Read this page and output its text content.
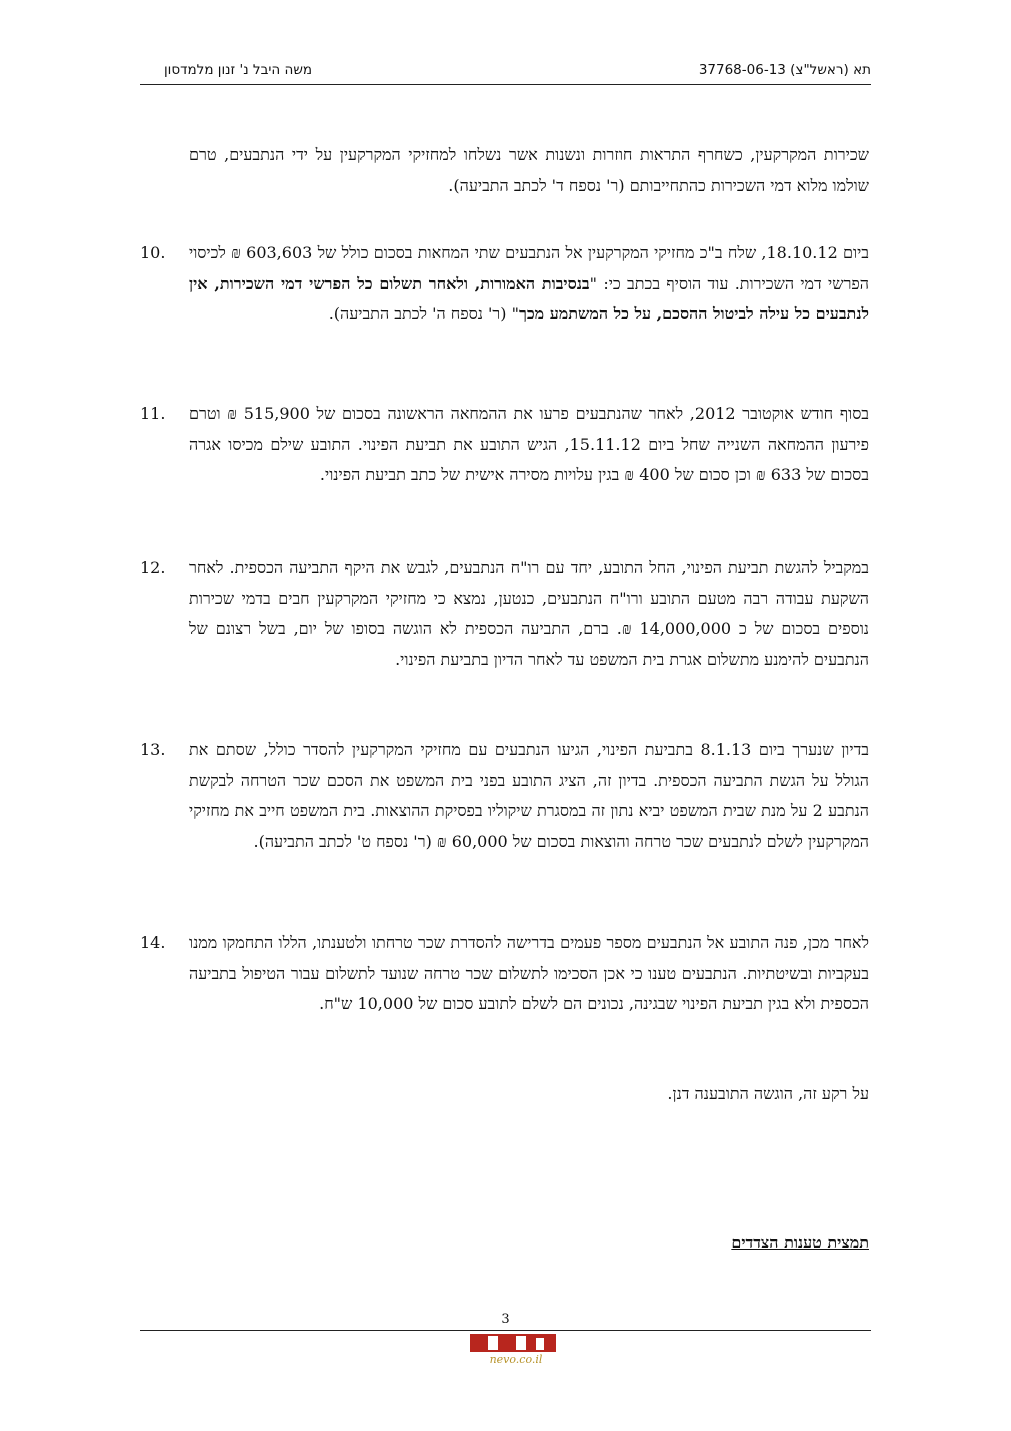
תא (ראשל"צ) 37768-06-13
משה היבל נ' זנון מלמדסון
שכירות המקרקעין, כשחרף התראות חוזרות ונשנות אשר נשלחו למחזיקי המקרקעין על ידי הנתבעים, טרם שולמו מלוא דמי השכירות כהתחייבותם (ר' נספח ד' לכתב התביעה).
10.	ביום 18.10.12, שלח ב"כ מחזיקי המקרקעין אל הנתבעים שתי המחאות בסכום כולל של 603,603 ₪ לכיסוי הפרשי דמי השכירות. עוד הוסיף בכתב כי: "בנסיבות האמורות, ולאחר תשלום כל הפרשי דמי השכירות, אין לנתבעים כל עילה לביטול ההסכם, על כל המשתמע מכך" (ר' נספח ה' לכתב התביעה).
11.	בסוף חודש אוקטובר 2012, לאחר שהנתבעים פרעו את ההמחאה הראשונה בסכום של 515,900 ₪ וטרם פירעון ההמחאה השנייה שחל ביום 15.11.12, הגיש התובע את תביעת הפינוי. התובע שילם מכיסו אגרה בסכום של 633 ₪ וכן סכום של 400 ₪ בגין עלויות מסירה אישית של כתב תביעת הפינוי.
12.	במקביל להגשת תביעת הפינוי, החל התובע, יחד עם רו"ח הנתבעים, לגבש את היקף התביעה הכספית. לאחר השקעת עבודה רבה מטעם התובע ורו"ח הנתבעים, כנטען, נמצא כי מחזיקי המקרקעין חבים בדמי שכירות נוספים בסכום של כ 14,000,000 ₪. ברם, התביעה הכספית לא הוגשה בסופו של יום, בשל רצונם של הנתבעים להימנע מתשלום אגרת בית המשפט עד לאחר הדיון בתביעת הפינוי.
13.	בדיון שנערך ביום 8.1.13 בתביעת הפינוי, הגיעו הנתבעים עם מחזיקי המקרקעין להסדר כולל, שסתם את הגולל על הגשת התביעה הכספית. בדיון זה, הציג התובע בפני בית המשפט את הסכם שכר הטרחה לבקשת הנתבע 2 על מנת שבית המשפט יביא נתון זה במסגרת שיקוליו בפסיקת ההוצאות. בית המשפט חייב את מחזיקי המקרקעין לשלם לנתבעים שכר טרחה והוצאות בסכום של 60,000 ₪ (ר' נספח ט' לכתב התביעה).
14.	לאחר מכן, פנה התובע אל הנתבעים מספר פעמים בדרישה להסדרת שכר טרחתו ולטענתו, הללו התחמקו ממנו בעקביות ובשיטתיות. הנתבעים טענו כי אכן הסכימו לתשלום שכר טרחה שנועד לתשלום עבור הטיפול בתביעה הכספית ולא בגין תביעת הפינוי שבגינה, נכונים הם לשלם לתובע סכום של 10,000 ש"ח.
על רקע זה, הוגשה התובענה דנן.
תמצית טענות הצדדים
3
nevo.co.il
